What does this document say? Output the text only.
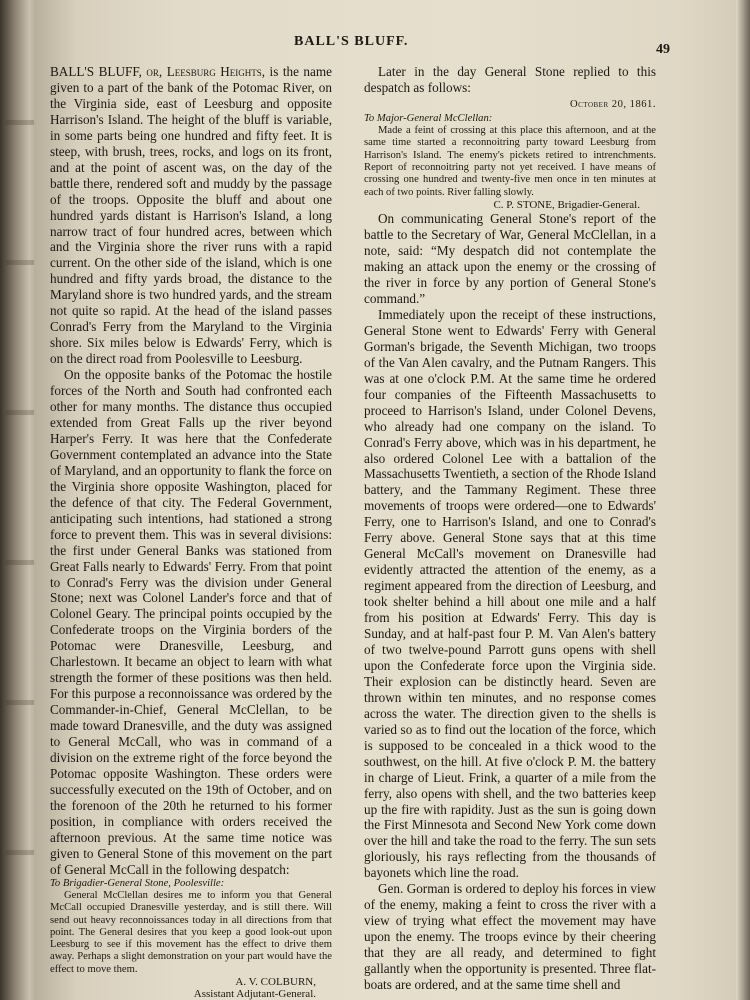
BALL'S BLUFF.
49

BALL'S BLUFF, or, Leesburg Heights, is the name given to a part of the bank of the Potomac River, on the Virginia side, east of Leesburg and opposite Harrison's Island. The height of the bluff is variable, in some parts being one hundred and fifty feet. It is steep, with brush, trees, rocks, and logs on its front, and at the point of ascent was, on the day of the battle there, rendered soft and muddy by the passage of the troops. Opposite the bluff and about one hundred yards distant is Harrison's Island, a long narrow tract of four hundred acres, between which and the Virginia shore the river runs with a rapid current. On the other side of the island, which is one hundred and fifty yards broad, the distance to the Maryland shore is two hundred yards, and the stream not quite so rapid. At the head of the island passes Conrad's Ferry from the Maryland to the Virginia shore. Six miles below is Edwards' Ferry, which is on the direct road from Poolesville to Leesburg.

On the opposite banks of the Potomac the hostile forces of the North and South had confronted each other for many months. The distance thus occupied extended from Great Falls up the river beyond Harper's Ferry. It was here that the Confederate Government contemplated an advance into the State of Maryland, and an opportunity to flank the force on the Virginia shore opposite Washington, placed for the defence of that city. The Federal Government, anticipating such intentions, had stationed a strong force to prevent them. This was in several divisions: the first under General Banks was stationed from Great Falls nearly to Edwards' Ferry. From that point to Conrad's Ferry was the division under General Stone; next was Colonel Lander's force and that of Colonel Geary. The principal points occupied by the Confederate troops on the Virginia borders of the Potomac were Dranesville, Leesburg, and Charlestown. It became an object to learn with what strength the former of these positions was then held. For this purpose a reconnoissance was ordered by the Commander-in-Chief, General McClellan, to be made toward Dranesville, and the duty was assigned to General McCall, who was in command of a division on the extreme right of the force beyond the Potomac opposite Washington. These orders were successfully executed on the 19th of October, and on the forenoon of the 20th he returned to his former position, in compliance with orders received the afternoon previous. At the same time notice was given to General Stone of this movement on the part of General McCall in the following despatch:

To Brigadier-General Stone, Poolesville:

General McClellan desires me to inform you that General McCall occupied Dranesville yesterday, and is still there. Will send out heavy reconnoissances today in all directions from that point. The General desires that you keep a good look-out upon Leesburg to see if this movement has the effect to drive them away. Perhaps a slight demonstration on your part would have the effect to move them.

A. V. COLBURN,
Assistant Adjutant-General.

Later in the day General Stone replied to this despatch as follows:

October 20, 1861.

To Major-General McClellan:

Made a feint of crossing at this place this afternoon, and at the same time started a reconnoitring party toward Leesburg from Harrison's Island. The enemy's pickets retired to intrenchments. Report of reconnoitring party not yet received. I have means of crossing one hundred and twenty-five men once in ten minutes at each of two points. River falling slowly.

C. P. STONE, Brigadier-General.

On communicating General Stone's report of the battle to the Secretary of War, General McClellan, in a note, said: “My despatch did not contemplate the making an attack upon the enemy or the crossing of the river in force by any portion of General Stone's command.”

Immediately upon the receipt of these instructions, General Stone went to Edwards' Ferry with General Gorman's brigade, the Seventh Michigan, two troops of the Van Alen cavalry, and the Putnam Rangers. This was at one o'clock P.M. At the same time he ordered four companies of the Fifteenth Massachusetts to proceed to Harrison's Island, under Colonel Devens, who already had one company on the island. To Conrad's Ferry above, which was in his department, he also ordered Colonel Lee with a battalion of the Massachusetts Twentieth, a section of the Rhode Island battery, and the Tammany Regiment. These three movements of troops were ordered—one to Edwards' Ferry, one to Harrison's Island, and one to Conrad's Ferry above. General Stone says that at this time General McCall's movement on Dranesville had evidently attracted the attention of the enemy, as a regiment appeared from the direction of Leesburg, and took shelter behind a hill about one mile and a half from his position at Edwards' Ferry. This day is Sunday, and at half-past four P. M. Van Alen's battery of two twelve-pound Parrott guns opens with shell upon the Confederate force upon the Virginia side. Their explosion can be distinctly heard. Seven are thrown within ten minutes, and no response comes across the water. The direction given to the shells is varied so as to find out the location of the force, which is supposed to be concealed in a thick wood to the southwest, on the hill. At five o'clock P. M. the battery in charge of Lieut. Frink, a quarter of a mile from the ferry, also opens with shell, and the two batteries keep up the fire with rapidity. Just as the sun is going down the First Minnesota and Second New York come down over the hill and take the road to the ferry. The sun sets gloriously, his rays reflecting from the thousands of bayonets which line the road.

Gen. Gorman is ordered to deploy his forces in view of the enemy, making a feint to cross the river with a view of trying what effect the movement may have upon the enemy. The troops evince by their cheering that they are all ready, and determined to fight gallantly when the opportunity is presented. Three flat-boats are ordered, and at the same time shell and
